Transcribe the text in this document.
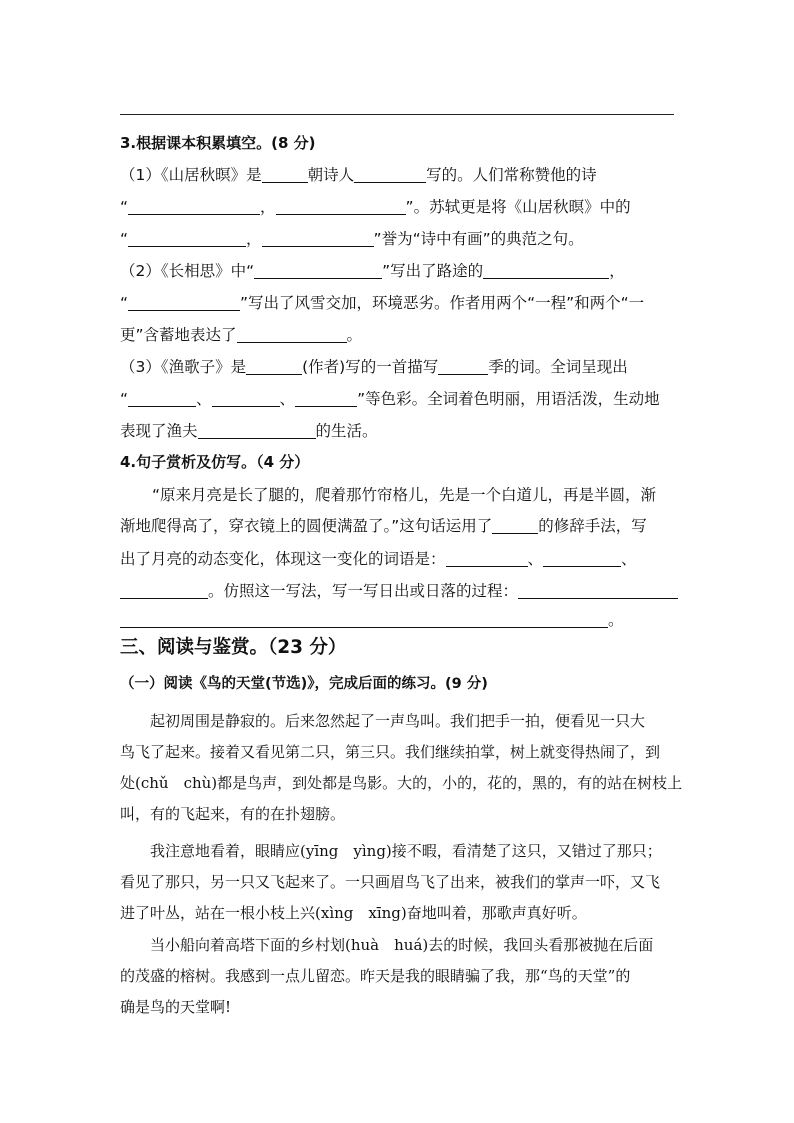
3.根据课本积累填空。(8 分)
（1）《山居秋暝》是	朝诗人	写的。人们常称赞他的诗
“	，	”。苏轼更是将《山居秋暝》中的
“	，	”誉为“诗中有画”的典范之句。
（2）《长相思》中“	”写出了路途的	，
“	”写出了风雪交加，环境恶劣。作者用两个“一程”和两个“一
更”含蓄地表达了	。
（3）《渔歌子》是	(作者)写的一首描写	季的词。全词呈现出
“	、	、	”等色彩。全词着色明丽，用语活泼，生动地
表现了渔夫	的生活。
4.句子赏析及仿写。（4 分）
“原来月亮是长了腿的，爬着那竹帘格儿，先是一个白道儿，再是半圆，渐
渐地爬得高了，穿衣镜上的圆便满盈了。”这句话运用了	的修辞手法，写
出了月亮的动态变化，体现这一变化的词语是：	、	、
。仿照这一写法，写一写日出或日落的过程：
。
三、阅读与鉴赏。（23 分）
（一）阅读《鸟的天堂(节选)》，完成后面的练习。(9 分)
　　起初周围是静寂的。后来忽然起了一声鸟叫。我们把手一拍，便看见一只大
鸟飞了起来。接着又看见第二只，第三只。我们继续拍掌，树上就变得热闹了，到
处(chǔ　chù)都是鸟声，到处都是鸟影。大的，小的，花的，黑的，有的站在树枝上
叫，有的飞起来，有的在扑翅膀。
　　我注意地看着，眼睛应(yīng　yìng)接不暇，看清楚了这只，又错过了那只；
看见了那只，另一只又飞起来了。一只画眉鸟飞了出来，被我们的掌声一吓，又飞
进了叶丛，站在一根小枝上兴(xìng　xīng)奋地叫着，那歌声真好听。
　　当小船向着高塔下面的乡村划(huà　huá)去的时候，我回头看那被抛在后面
的茂盛的榕树。我感到一点儿留恋。昨天是我的眼睛骗了我，那“鸟的天堂”的
确是鸟的天堂啊!
